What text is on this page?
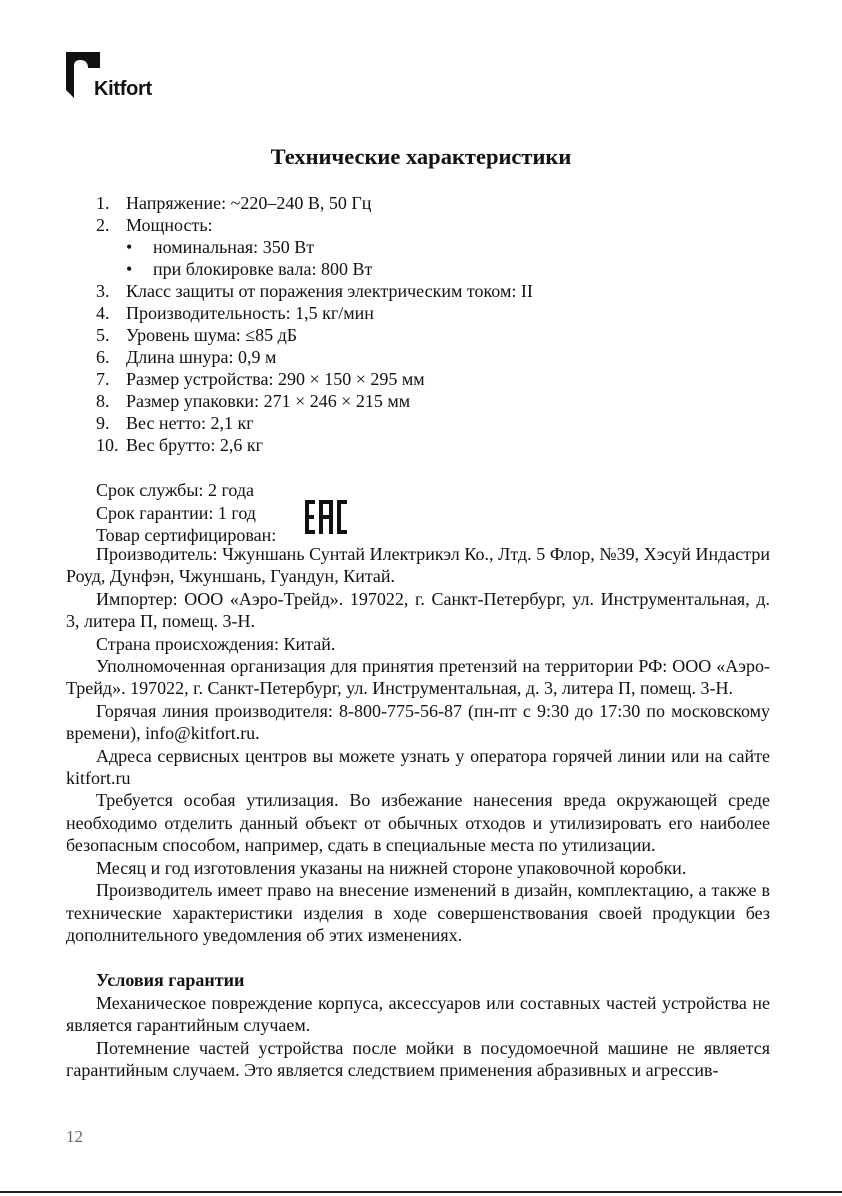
Kitfort
Технические характеристики
1. Напряжение: ~220–240 В, 50 Гц
2. Мощность:
• номинальная: 350 Вт
• при блокировке вала: 800 Вт
3. Класс защиты от поражения электрическим током: II
4. Производительность: 1,5 кг/мин
5. Уровень шума: ≤85 дБ
6. Длина шнура: 0,9 м
7. Размер устройства: 290 × 150 × 295 мм
8. Размер упаковки: 271 × 246 × 215 мм
9. Вес нетто: 2,1 кг
10. Вес брутто: 2,6 кг
Срок службы: 2 года
Срок гарантии: 1 год
Товар сертифицирован:

Производитель: Чжуншань Сунтай Илектрикэл Ко., Лтд. 5 Флор, №39, Хэсуй Индастри Роуд, Дунфэн, Чжуншань, Гуандун, Китай.

Импортер: ООО «Аэро-Трейд». 197022, г. Санкт-Петербург, ул. Инструментальная, д. 3, литера П, помещ. 3-Н.

Страна происхождения: Китай.

Уполномоченная организация для принятия претензий на территории РФ: ООО «Аэро-Трейд». 197022, г. Санкт-Петербург, ул. Инструментальная, д. 3, литера П, помещ. 3-Н.

Горячая линия производителя: 8-800-775-56-87 (пн-пт с 9:30 до 17:30 по московскому времени), info@kitfort.ru.

Адреса сервисных центров вы можете узнать у оператора горячей линии или на сайте kitfort.ru

Требуется особая утилизация. Во избежание нанесения вреда окружающей среде необходимо отделить данный объект от обычных отходов и утилизировать его наиболее безопасным способом, например, сдать в специальные места по утилизации.

Месяц и год изготовления указаны на нижней стороне упаковочной коробки.

Производитель имеет право на внесение изменений в дизайн, комплектацию, а также в технические характеристики изделия в ходе совершенствования своей продукции без дополнительного уведомления об этих изменениях.

Условия гарантии

Механическое повреждение корпуса, аксессуаров или составных частей устройства не является гарантийным случаем.

Потемнение частей устройства после мойки в посудомоечной машине не является гарантийным случаем. Это является следствием применения абразивных и агрессив-

12
